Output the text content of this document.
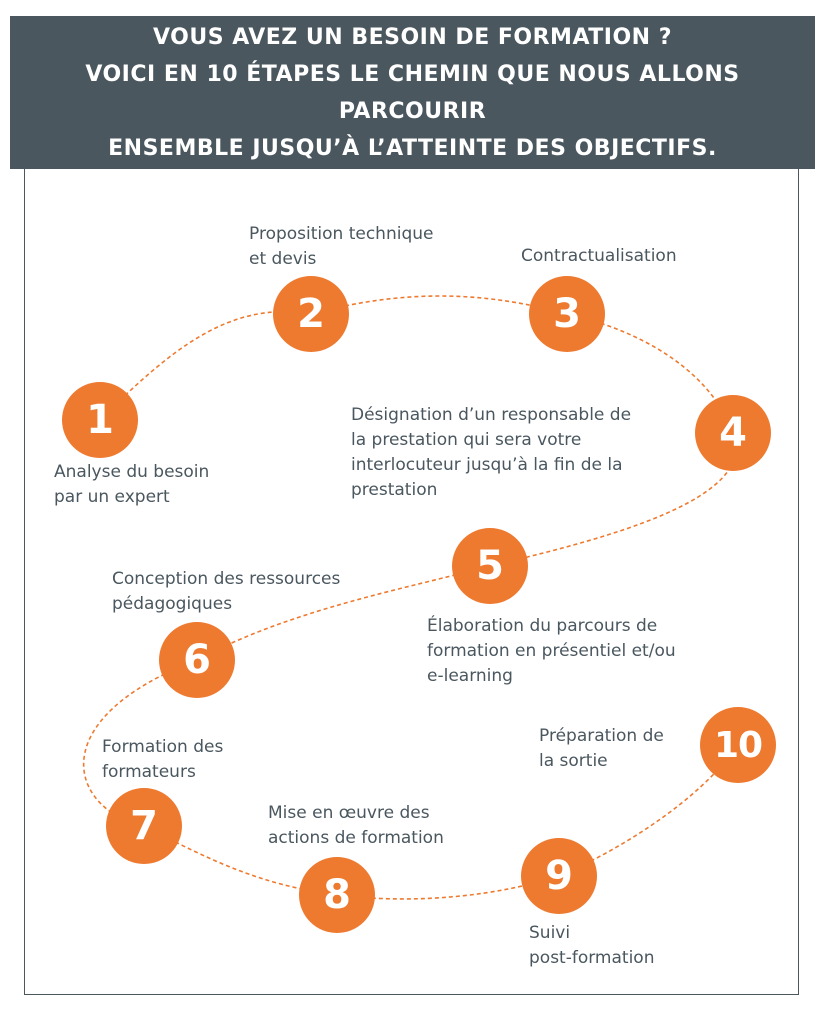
VOUS AVEZ UN BESOIN DE FORMATION ?
VOICI EN 10 ÉTAPES LE CHEMIN QUE NOUS ALLONS PARCOURIR
ENSEMBLE JUSQU’À L’ATTEINTE DES OBJECTIFS.
1
2	3
4
5
6
7
8	9
10
Analyse du besoin
par un expert
Proposition technique
et devis	Contractualisation
Désignation d’un responsable de
la prestation qui sera votre
interlocuteur jusqu’à la fin de la
prestation
Élaboration du parcours de
formation en présentiel et/ou
e-learning
Conception des ressources
pédagogiques
Formation des
formateurs
Mise en œuvre des
actions de formation
Suivi
post-formation
Préparation de
la sortie
